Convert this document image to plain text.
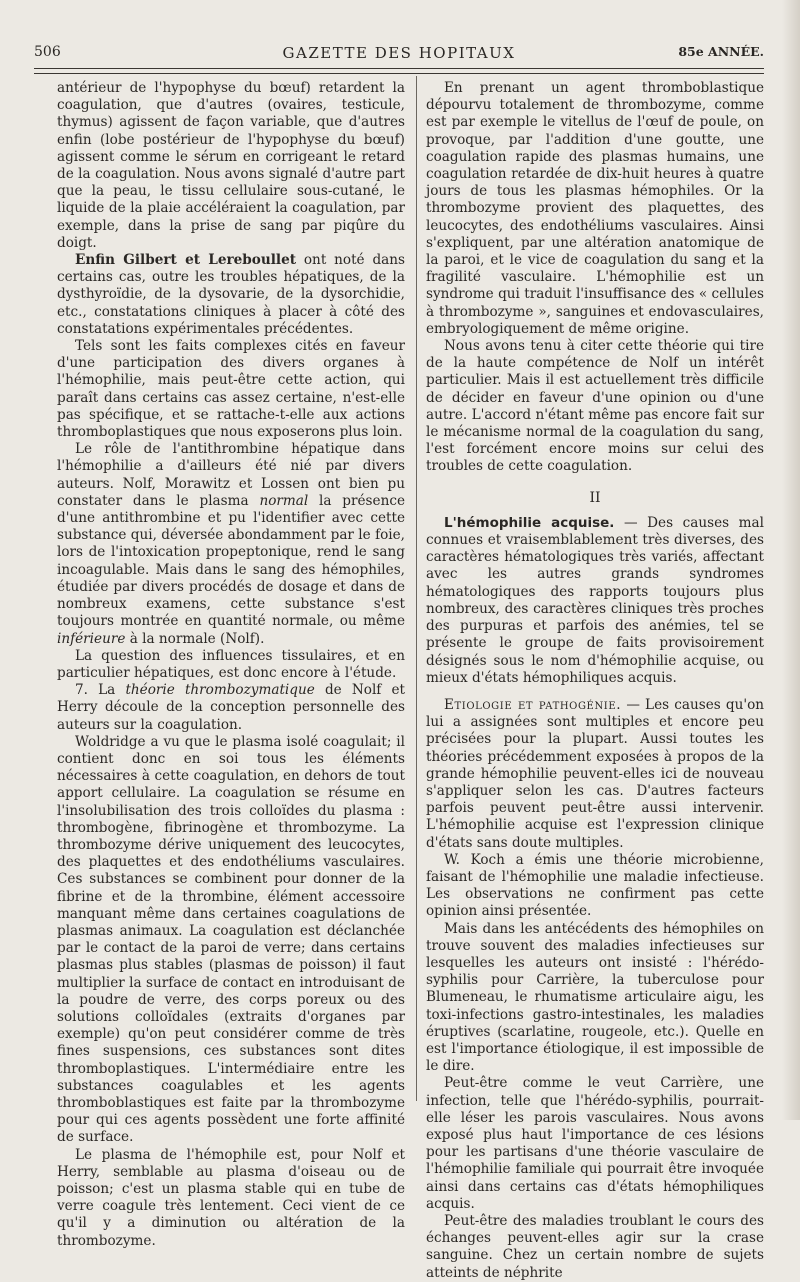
506	GAZETTE DES HOPITAUX	85e ANNÉE.

antérieur de l'hypophyse du bœuf) retardent la coagulation, que d'autres (ovaires, testicule, thymus) agissent de façon variable, que d'autres enfin (lobe postérieur de l'hypophyse du bœuf) agissent comme le sérum en corrigeant le retard de la coagulation. Nous avons signalé d'autre part que la peau, le tissu cellulaire sous-cutané, le liquide de la plaie accéléraient la coagulation, par exemple, dans la prise de sang par piqûre du doigt.

Enfin Gilbert et Lereboullet ont noté dans certains cas, outre les troubles hépatiques, de la dysthyroïdie, de la dysovarie, de la dysorchidie, etc., constatations cliniques à placer à côté des constatations expérimentales précédentes.

Tels sont les faits complexes cités en faveur d'une participation des divers organes à l'hémophilie, mais peut-être cette action, qui paraît dans certains cas assez certaine, n'est-elle pas spécifique, et se rattache-t-elle aux actions thromboplastiques que nous exposerons plus loin.

Le rôle de l'antithrombine hépatique dans l'hémophilie a d'ailleurs été nié par divers auteurs. Nolf, Morawitz et Lossen ont bien pu constater dans le plasma normal la présence d'une antithrombine et pu l'identifier avec cette substance qui, déversée abondamment par le foie, lors de l'intoxication propeptonique, rend le sang incoagulable. Mais dans le sang des hémophiles, étudiée par divers procédés de dosage et dans de nombreux examens, cette substance s'est toujours montrée en quantité normale, ou même inférieure à la normale (Nolf).

La question des influences tissulaires, et en particulier hépatiques, est donc encore à l'étude.

7. La théorie thrombozymatique de Nolf et Herry découle de la conception personnelle des auteurs sur la coagulation.

Woldridge a vu que le plasma isolé coagulait; il contient donc en soi tous les éléments nécessaires à cette coagulation, en dehors de tout apport cellulaire. La coagulation se résume en l'insolubilisation des trois colloïdes du plasma : thrombogène, fibrinogène et thrombozyme. La thrombozyme dérive uniquement des leucocytes, des plaquettes et des endothéliums vasculaires. Ces substances se combinent pour donner de la fibrine et de la thrombine, élément accessoire manquant même dans certaines coagulations de plasmas animaux. La coagulation est déclanchée par le contact de la paroi de verre; dans certains plasmas plus stables (plasmas de poisson) il faut multiplier la surface de contact en introduisant de la poudre de verre, des corps poreux ou des solutions colloïdales (extraits d'organes par exemple) qu'on peut considérer comme de très fines suspensions, ces substances sont dites thromboplastiques. L'intermédiaire entre les substances coagulables et les agents thromboblastiques est faite par la thrombozyme pour qui ces agents possèdent une forte affinité de surface.

Le plasma de l'hémophile est, pour Nolf et Herry, semblable au plasma d'oiseau ou de poisson; c'est un plasma stable qui en tube de verre coagule très lentement. Ceci vient de ce qu'il y a diminution ou altération de la thrombozyme.

En prenant un agent thromboblastique dépourvu totalement de thrombozyme, comme est par exemple le vitellus de l'œuf de poule, on provoque, par l'addition d'une goutte, une coagulation rapide des plasmas humains, une coagulation retardée de dix-huit heures à quatre jours de tous les plasmas hémophiles. Or la thrombozyme provient des plaquettes, des leucocytes, des endothéliums vasculaires. Ainsi s'expliquent, par une altération anatomique de la paroi, et le vice de coagulation du sang et la fragilité vasculaire. L'hémophilie est un syndrome qui traduit l'insuffisance des « cellules à thrombozyme », sanguines et endovasculaires, embryologiquement de même origine.

Nous avons tenu à citer cette théorie qui tire de la haute compétence de Nolf un intérêt particulier. Mais il est actuellement très difficile de décider en faveur d'une opinion ou d'une autre. L'accord n'étant même pas encore fait sur le mécanisme normal de la coagulation du sang, l'est forcément encore moins sur celui des troubles de cette coagulation.

II

L'hémophilie acquise. — Des causes mal connues et vraisemblablement très diverses, des caractères hématologiques très variés, affectant avec les autres grands syndromes hématologiques des rapports toujours plus nombreux, des caractères cliniques très proches des purpuras et parfois des anémies, tel se présente le groupe de faits provisoirement désignés sous le nom d'hémophilie acquise, ou mieux d'états hémophiliques acquis.

Etiologie et pathogénie. — Les causes qu'on lui a assignées sont multiples et encore peu précisées pour la plupart. Aussi toutes les théories précédemment exposées à propos de la grande hémophilie peuvent-elles ici de nouveau s'appliquer selon les cas. D'autres facteurs parfois peuvent peut-être aussi intervenir. L'hémophilie acquise est l'expression clinique d'états sans doute multiples.

W. Koch a émis une théorie microbienne, faisant de l'hémophilie une maladie infectieuse. Les observations ne confirment pas cette opinion ainsi présentée.

Mais dans les antécédents des hémophiles on trouve souvent des maladies infectieuses sur lesquelles les auteurs ont insisté : l'hérédo-syphilis pour Carrière, la tuberculose pour Blumeneau, le rhumatisme articulaire aigu, les toxi-infections gastro-intestinales, les maladies éruptives (scarlatine, rougeole, etc.). Quelle en est l'importance étiologique, il est impossible de le dire.

Peut-être comme le veut Carrière, une infection, telle que l'hérédo-syphilis, pourrait-elle léser les parois vasculaires. Nous avons exposé plus haut l'importance de ces lésions pour les partisans d'une théorie vasculaire de l'hémophilie familiale qui pourrait être invoquée ainsi dans certains cas d'états hémophiliques acquis.

Peut-être des maladies troublant le cours des échanges peuvent-elles agir sur la crase sanguine. Chez un certain nombre de sujets atteints de néphrite
